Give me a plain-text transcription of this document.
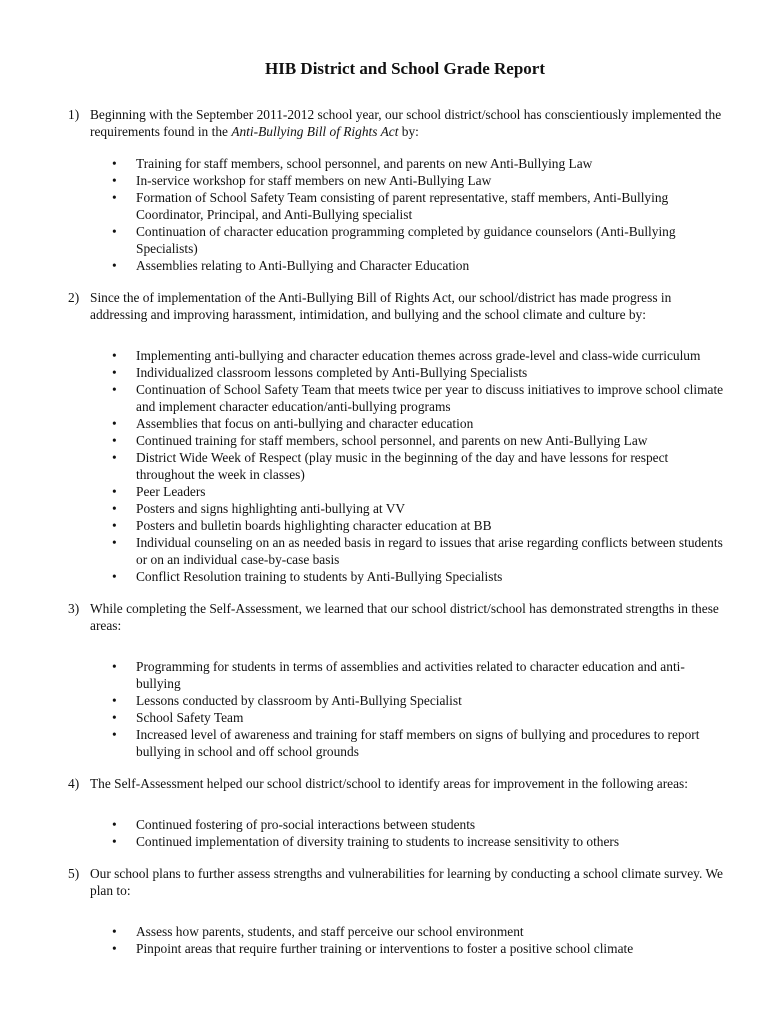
HIB District and School Grade Report
1) Beginning with the September 2011-2012 school year, our school district/school has conscientiously implemented the requirements found in the Anti-Bullying Bill of Rights Act by:
• Training for staff members, school personnel, and parents on new Anti-Bullying Law
• In-service workshop for staff members on new Anti-Bullying Law
• Formation of School Safety Team consisting of parent representative, staff members, Anti-Bullying Coordinator, Principal, and Anti-Bullying specialist
• Continuation of character education programming completed by guidance counselors (Anti-Bullying Specialists)
• Assemblies relating to Anti-Bullying and Character Education
2) Since the of implementation of the Anti-Bullying Bill of Rights Act, our school/district has made progress in addressing and improving harassment, intimidation, and bullying and the school climate and culture by:
• Implementing anti-bullying and character education themes across grade-level and class-wide curriculum
• Individualized classroom lessons completed by Anti-Bullying Specialists
• Continuation of School Safety Team that meets twice per year to discuss initiatives to improve school climate and implement character education/anti-bullying programs
• Assemblies that focus on anti-bullying and character education
• Continued training for staff members, school personnel, and parents on new Anti-Bullying Law
• District Wide Week of Respect (play music in the beginning of the day and have lessons for respect throughout the week in classes)
• Peer Leaders
• Posters and signs highlighting anti-bullying at VV
• Posters and bulletin boards highlighting character education at BB
• Individual counseling on an as needed basis in regard to issues that arise regarding conflicts between students or on an individual case-by-case basis
• Conflict Resolution training to students by Anti-Bullying Specialists
3) While completing the Self-Assessment, we learned that our school district/school has demonstrated strengths in these areas:
• Programming for students in terms of assemblies and activities related to character education and anti-bullying
• Lessons conducted by classroom by Anti-Bullying Specialist
• School Safety Team
• Increased level of awareness and training for staff members on signs of bullying and procedures to report bullying in school and off school grounds
4) The Self-Assessment helped our school district/school to identify areas for improvement in the following areas:
• Continued fostering of pro-social interactions between students
• Continued implementation of diversity training to students to increase sensitivity to others
5) Our school plans to further assess strengths and vulnerabilities for learning by conducting a school climate survey. We plan to:
• Assess how parents, students, and staff perceive our school environment
• Pinpoint areas that require further training or interventions to foster a positive school climate
